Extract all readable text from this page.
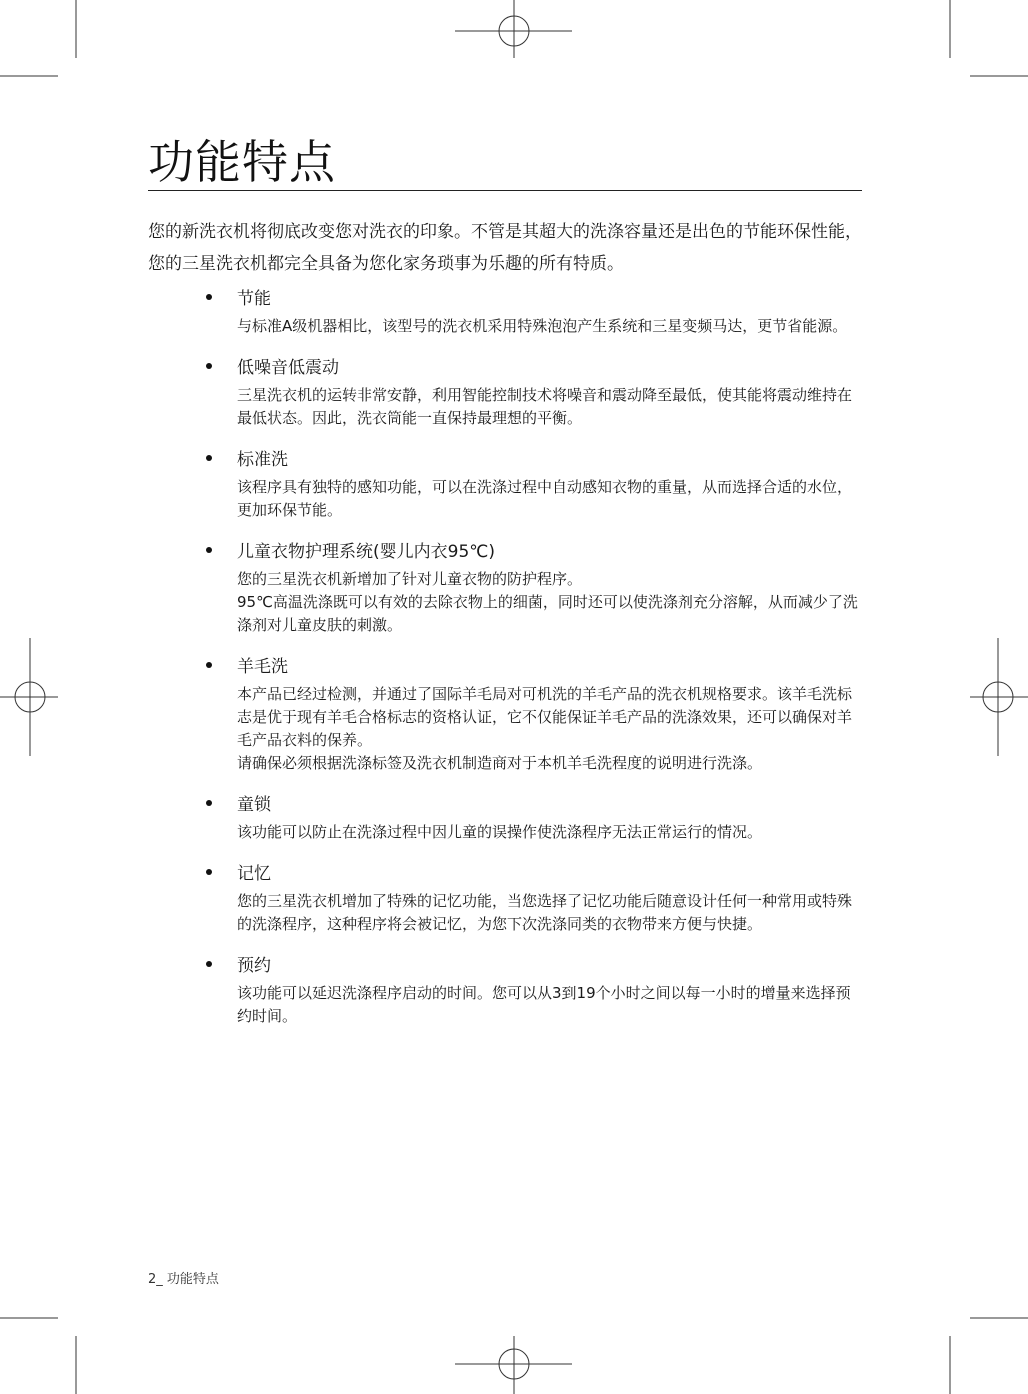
功能特点

您的新洗衣机将彻底改变您对洗衣的印象。不管是其超大的洗涤容量还是出色的节能环保性能，您的三星洗衣机都完全具备为您化家务琐事为乐趣的所有特质。

节能

与标准A级机器相比，该型号的洗衣机采用特殊泡泡产生系统和三星变频马达，更节省能源。

低噪音低震动

三星洗衣机的运转非常安静，利用智能控制技术将噪音和震动降至最低，使其能将震动维持在最低状态。因此，洗衣筒能一直保持最理想的平衡。

标准洗

该程序具有独特的感知功能，可以在洗涤过程中自动感知衣物的重量，从而选择合适的水位，更加环保节能。

儿童衣物护理系统(婴儿内衣95℃)

您的三星洗衣机新增加了针对儿童衣物的防护程序。
95℃高温洗涤既可以有效的去除衣物上的细菌，同时还可以使洗涤剂充分溶解，从而减少了洗涤剂对儿童皮肤的刺激。

羊毛洗

本产品已经过检测，并通过了国际羊毛局对可机洗的羊毛产品的洗衣机规格要求。该羊毛洗标志是优于现有羊毛合格标志的资格认证，它不仅能保证羊毛产品的洗涤效果，还可以确保对羊毛产品衣料的保养。
请确保必须根据洗涤标签及洗衣机制造商对于本机羊毛洗程度的说明进行洗涤。

童锁

该功能可以防止在洗涤过程中因儿童的误操作使洗涤程序无法正常运行的情况。

记忆

您的三星洗衣机增加了特殊的记忆功能，当您选择了记忆功能后随意设计任何一种常用或特殊的洗涤程序，这种程序将会被记忆，为您下次洗涤同类的衣物带来方便与快捷。

预约

该功能可以延迟洗涤程序启动的时间。您可以从3到19个小时之间以每一小时的增量来选择预约时间。

2_ 功能特点
